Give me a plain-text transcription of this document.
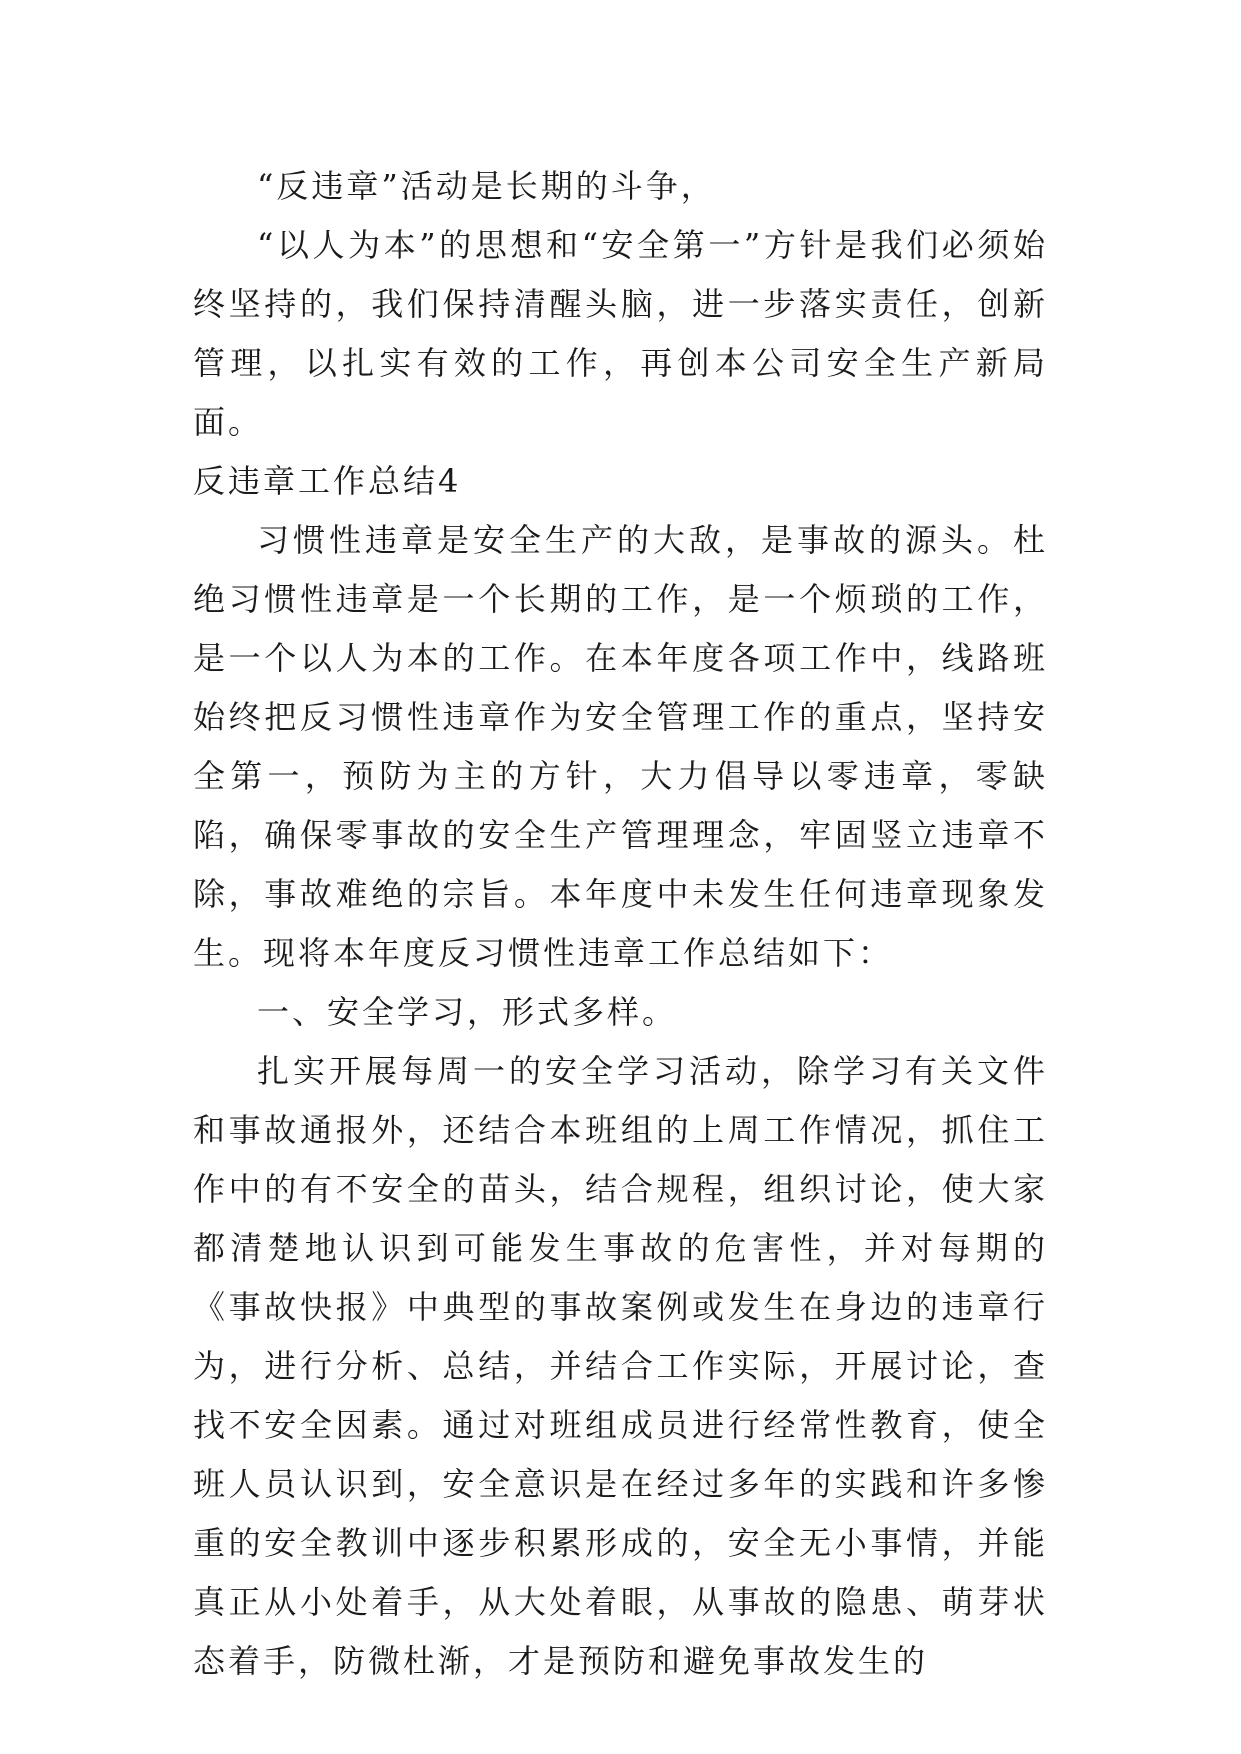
“反违章”活动是长期的斗争，

“以人为本”的思想和“安全第一”方针是我们必须始终坚持的，我们保持清醒头脑，进一步落实责任，创新管理，以扎实有效的工作，再创本公司安全生产新局面。

反违章工作总结4

习惯性违章是安全生产的大敌，是事故的源头。杜绝习惯性违章是一个长期的工作，是一个烦琐的工作，是一个以人为本的工作。在本年度各项工作中，线路班始终把反习惯性违章作为安全管理工作的重点，坚持安全第一，预防为主的方针，大力倡导以零违章，零缺陷，确保零事故的安全生产管理理念，牢固竖立违章不除，事故难绝的宗旨。本年度中未发生任何违章现象发生。现将本年度反习惯性违章工作总结如下：

一、安全学习，形式多样。

扎实开展每周一的安全学习活动，除学习有关文件和事故通报外，还结合本班组的上周工作情况，抓住工作中的有不安全的苗头，结合规程，组织讨论，使大家都清楚地认识到可能发生事故的危害性，并对每期的《事故快报》中典型的事故案例或发生在身边的违章行为，进行分析、总结，并结合工作实际，开展讨论，查找不安全因素。通过对班组成员进行经常性教育，使全班人员认识到，安全意识是在经过多年的实践和许多惨重的安全教训中逐步积累形成的，安全无小事情，并能真正从小处着手，从大处着眼，从事故的隐患、萌芽状态着手，防微杜渐，才是预防和避免事故发生的
